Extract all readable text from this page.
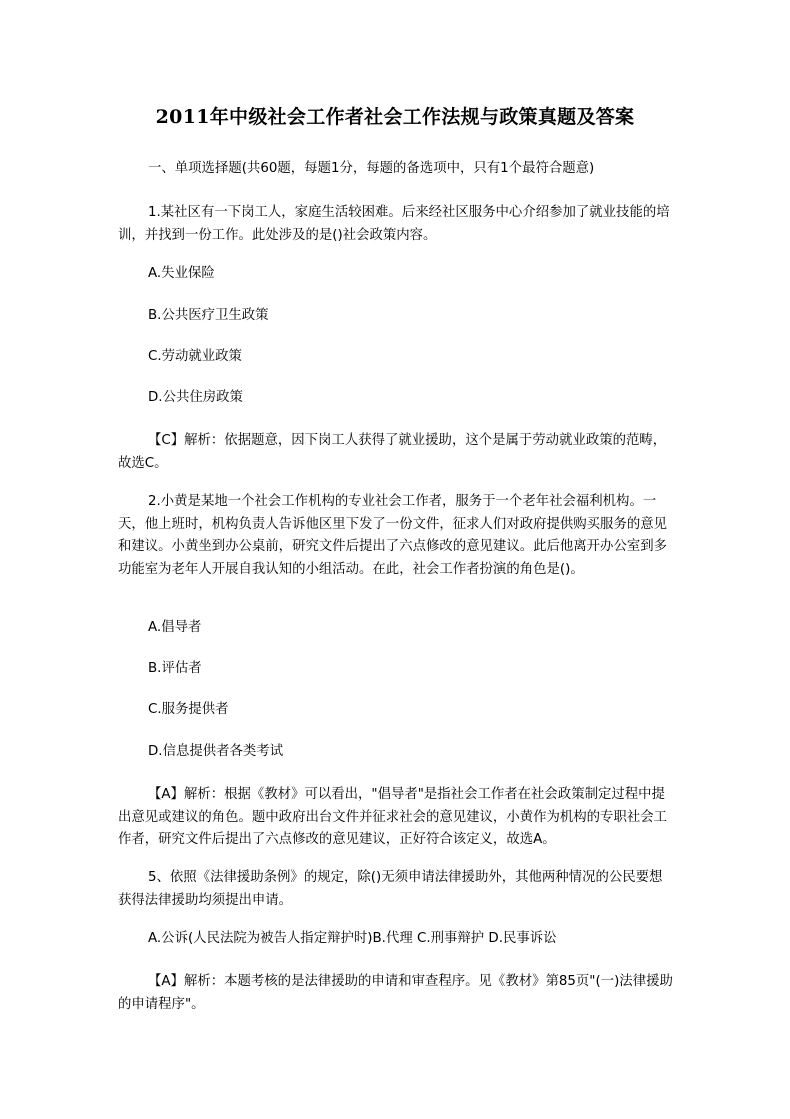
2011年中级社会工作者社会工作法规与政策真题及答案
一、单项选择题(共60题，每题1分，每题的备选项中，只有1个最符合题意)
1.某社区有一下岗工人，家庭生活较困难。后来经社区服务中心介绍参加了就业技能的培训，并找到一份工作。此处涉及的是()社会政策内容。
A.失业保险
B.公共医疗卫生政策
C.劳动就业政策
D.公共住房政策
【C】解析：依据题意，因下岗工人获得了就业援助，这个是属于劳动就业政策的范畴，故选C。
2.小黄是某地一个社会工作机构的专业社会工作者，服务于一个老年社会福利机构。一天，他上班时，机构负责人告诉他区里下发了一份文件，征求人们对政府提供购买服务的意见和建议。小黄坐到办公桌前，研究文件后提出了六点修改的意见建议。此后他离开办公室到多功能室为老年人开展自我认知的小组活动。在此，社会工作者扮演的角色是()。
A.倡导者
B.评估者
C.服务提供者
D.信息提供者各类考试
【A】解析：根据《教材》可以看出，"倡导者"是指社会工作者在社会政策制定过程中提出意见或建议的角色。题中政府出台文件并征求社会的意见建议，小黄作为机构的专职社会工作者，研究文件后提出了六点修改的意见建议，正好符合该定义，故选A。
5、依照《法律援助条例》的规定，除()无须申请法律援助外，其他两种情况的公民要想获得法律援助均须提出申请。
A.公诉(人民法院为被告人指定辩护时)B.代理 C.刑事辩护 D.民事诉讼
【A】解析：本题考核的是法律援助的申请和审查程序。见《教材》第85页"(一)法律援助的申请程序"。
